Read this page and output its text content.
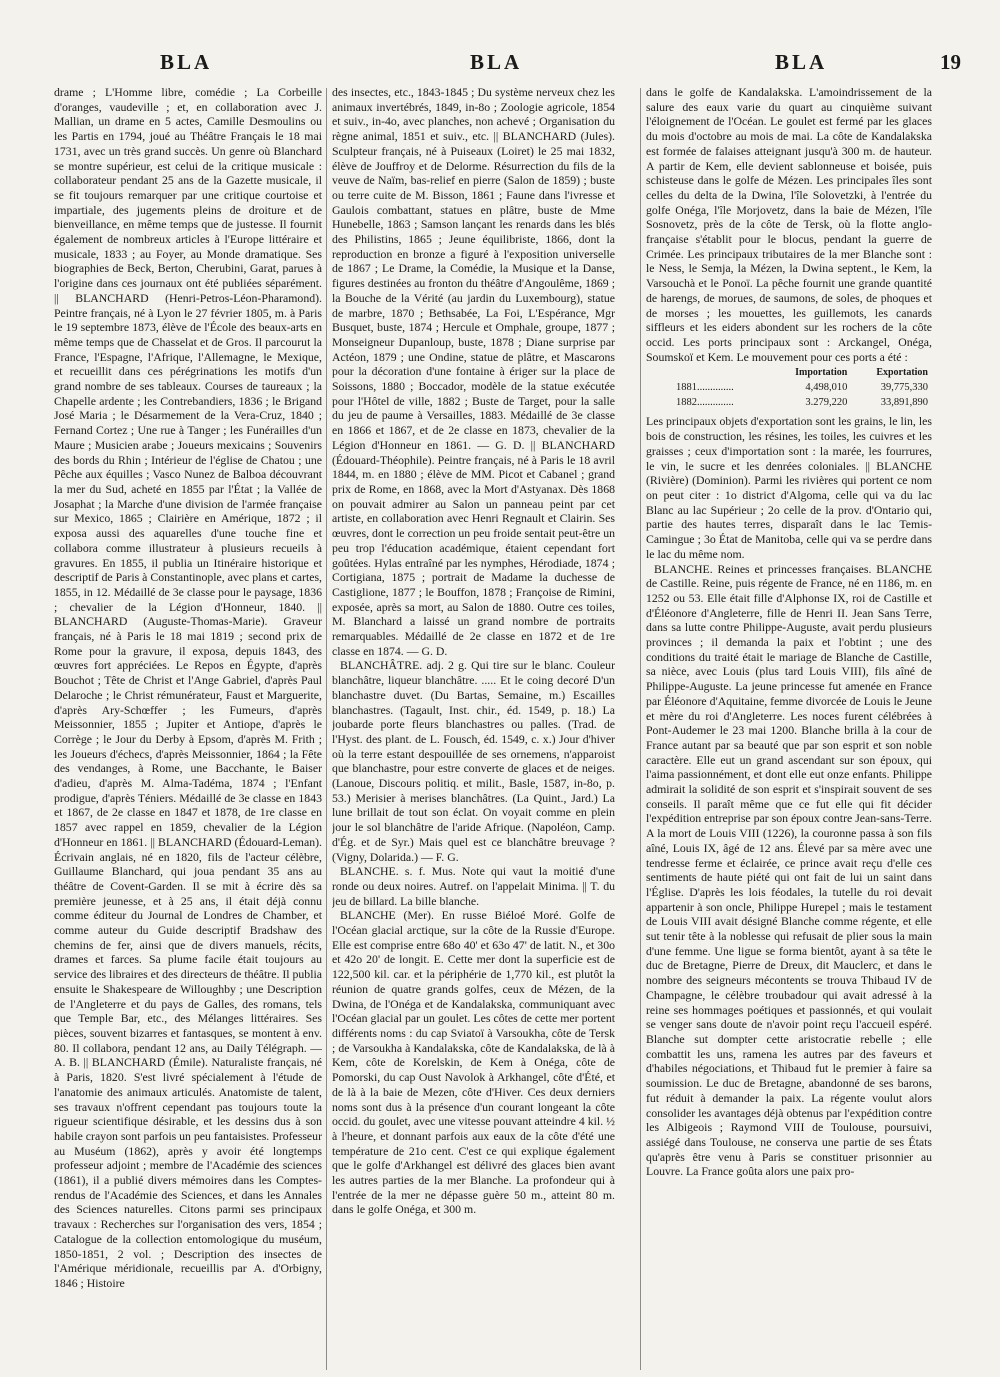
BLA	BLA	BLA	19

drame ; L'Homme libre, comédie ; La Corbeille d'oranges, vaudeville ; et, en collaboration avec J. Mallian, un drame en 5 actes, Camille Desmoulins ou les Partis en 1794, joué au Théâtre Français le 18 mai 1731, avec un très grand succès. Un genre où Blanchard se montre supérieur, est celui de la critique musicale : collaborateur pendant 25 ans de la Gazette musicale, il se fit toujours remarquer par une critique courtoise et impartiale, des jugements pleins de droiture et de bienveillance, en même temps que de justesse. Il fournit également de nombreux articles à l'Europe littéraire et musicale, 1833 ; au Foyer, au Monde dramatique. Ses biographies de Beck, Berton, Cherubini, Garat, parues à l'origine dans ces journaux ont été publiées séparément. || BLANCHARD (Henri-Petros-Léon-Pharamond). Peintre français, né à Lyon le 27 février 1805, m. à Paris le 19 septembre 1873, élève de l'École des beaux-arts en même temps que de Chasselat et de Gros. Il parcourut la France, l'Espagne, l'Afrique, l'Allemagne, le Mexique, et recueillit dans ces pérégrinations les motifs d'un grand nombre de ses tableaux. Courses de taureaux ; la Chapelle ardente ; les Contrebandiers, 1836 ; le Brigand José Maria ; le Désarmement de la Vera-Cruz, 1840 ; Fernand Cortez ; Une rue à Tanger ; les Funérailles d'un Maure ; Musicien arabe ; Joueurs mexicains ; Souvenirs des bords du Rhin ; Intérieur de l'église de Chatou ; une Pêche aux équilles ; Vasco Nunez de Balboa découvrant la mer du Sud, acheté en 1855 par l'État ; la Vallée de Josaphat ; la Marche d'une division de l'armée française sur Mexico, 1865 ; Clairière en Amérique, 1872 ; il exposa aussi des aquarelles d'une touche fine et collabora comme illustrateur à plusieurs recueils à gravures. En 1855, il publia un Itinéraire historique et descriptif de Paris à Constantinople, avec plans et cartes, 1855, in 12. Médaillé de 3e classe pour le paysage, 1836 ; chevalier de la Légion d'Honneur, 1840. || BLANCHARD (Auguste-Thomas-Marie). Graveur français, né à Paris le 18 mai 1819 ; second prix de Rome pour la gravure, il exposa, depuis 1843, des œuvres fort appréciées. Le Repos en Égypte, d'après Bouchot ; Tête de Christ et l'Ange Gabriel, d'après Paul Delaroche ; le Christ rémunérateur, Faust et Marguerite, d'après Ary-Schœffer ; les Fumeurs, d'après Meissonnier, 1855 ; Jupiter et Antiope, d'après le Corrège ; le Jour du Derby à Epsom, d'après M. Frith ; les Joueurs d'échecs, d'après Meissonnier, 1864 ; la Fête des vendanges, à Rome, une Bacchante, le Baiser d'adieu, d'après M. Alma-Tadéma, 1874 ; l'Enfant prodigue, d'après Téniers. Médaillé de 3e classe en 1843 et 1867, de 2e classe en 1847 et 1878, de 1re classe en 1857 avec rappel en 1859, chevalier de la Légion d'Honneur en 1861. || BLANCHARD (Édouard-Leman). Écrivain anglais, né en 1820, fils de l'acteur célèbre, Guillaume Blanchard, qui joua pendant 35 ans au théâtre de Covent-Garden. Il se mit à écrire dès sa première jeunesse, et à 25 ans, il était déjà connu comme éditeur du Journal de Londres de Chamber, et comme auteur du Guide descriptif Bradshaw des chemins de fer, ainsi que de divers manuels, récits, drames et farces. Sa plume facile était toujours au service des libraires et des directeurs de théâtre. Il publia ensuite le Shakespeare de Willoughby ; une Description de l'Angleterre et du pays de Galles, des romans, tels que Temple Bar, etc., des Mélanges littéraires. Ses pièces, souvent bizarres et fantasques, se montent à env. 80. Il collabora, pendant 12 ans, au Daily Télégraph. — A. B. || BLANCHARD (Émile). Naturaliste français, né à Paris, 1820. S'est livré spécialement à l'étude de l'anatomie des animaux articulés. Anatomiste de talent, ses travaux n'offrent cependant pas toujours toute la rigueur scientifique désirable, et les dessins dus à son habile crayon sont parfois un peu fantaisistes. Professeur au Muséum (1862), après y avoir été longtemps professeur adjoint ; membre de l'Académie des sciences (1861), il a publié divers mémoires dans les Comptes-rendus de l'Académie des Sciences, et dans les Annales des Sciences naturelles. Citons parmi ses principaux travaux : Recherches sur l'organisation des vers, 1854 ; Catalogue de la collection entomologique du muséum, 1850-1851, 2 vol. ; Description des insectes de l'Amérique méridionale, recueillis par A. d'Orbigny, 1846 ; Histoire

des insectes, etc., 1843-1845 ; Du système nerveux chez les animaux invertébrés, 1849, in-8o ; Zoologie agricole, 1854 et suiv., in-4o, avec planches, non achevé ; Organisation du règne animal, 1851 et suiv., etc. || BLANCHARD (Jules). Sculpteur français, né à Puiseaux (Loiret) le 25 mai 1832, élève de Jouffroy et de Delorme. Résurrection du fils de la veuve de Naïm, bas-relief en pierre (Salon de 1859) ; buste ou terre cuite de M. Bisson, 1861 ; Faune dans l'ivresse et Gaulois combattant, statues en plâtre, buste de Mme Hunebelle, 1863 ; Samson lançant les renards dans les blés des Philistins, 1865 ; Jeune équilibriste, 1866, dont la reproduction en bronze a figuré à l'exposition universelle de 1867 ; Le Drame, la Comédie, la Musique et la Danse, figures destinées au fronton du théâtre d'Angoulême, 1869 ; la Bouche de la Vérité (au jardin du Luxembourg), statue de marbre, 1870 ; Bethsabée, La Foi, L'Espérance, Mgr Busquet, buste, 1874 ; Hercule et Omphale, groupe, 1877 ; Monseigneur Dupanloup, buste, 1878 ; Diane surprise par Actéon, 1879 ; une Ondine, statue de plâtre, et Mascarons pour la décoration d'une fontaine à ériger sur la place de Soissons, 1880 ; Boccador, modèle de la statue exécutée pour l'Hôtel de ville, 1882 ; Buste de Target, pour la salle du jeu de paume à Versailles, 1883. Médaillé de 3e classe en 1866 et 1867, et de 2e classe en 1873, chevalier de la Légion d'Honneur en 1861. — G. D. || BLANCHARD (Édouard-Théophile). Peintre français, né à Paris le 18 avril 1844, m. en 1880 ; élève de MM. Picot et Cabanel ; grand prix de Rome, en 1868, avec la Mort d'Astyanax. Dès 1868 on pouvait admirer au Salon un panneau peint par cet artiste, en collaboration avec Henri Regnault et Clairin. Ses œuvres, dont le correction un peu froide sentait peut-être un peu trop l'éducation académique, étaient cependant fort goûtées. Hylas entraîné par les nymphes, Hérodiade, 1874 ; Cortigiana, 1875 ; portrait de Madame la duchesse de Castiglione, 1877 ; le Bouffon, 1878 ; Françoise de Rimini, exposée, après sa mort, au Salon de 1880. Outre ces toiles, M. Blanchard a laissé un grand nombre de portraits remarquables. Médaillé de 2e classe en 1872 et de 1re classe en 1874. — G. D.

BLANCHÂTRE. adj. 2 g. Qui tire sur le blanc. Couleur blanchâtre, liqueur blanchâtre. ..... Et le coing decoré D'un blanchastre duvet. (Du Bartas, Semaine, m.) Escailles blanchastres. (Tagault, Inst. chir., éd. 1549, p. 18.) La joubarde porte fleurs blanchastres ou palles. (Trad. de l'Hyst. des plant. de L. Fousch, éd. 1549, c. x.) Jour d'hiver où la terre estant despouillée de ses ornemens, n'apparoist que blanchastre, pour estre converte de glaces et de neiges. (Lanoue, Discours politiq. et milit., Basle, 1587, in-8o, p. 53.) Merisier à merises blanchâtres. (La Quint., Jard.) La lune brillait de tout son éclat. On voyait comme en plein jour le sol blanchâtre de l'aride Afrique. (Napoléon, Camp. d'Ég. et de Syr.) Mais quel est ce blanchâtre breuvage ? (Vigny, Dolarida.) — F. G.

BLANCHE. s. f. Mus. Note qui vaut la moitié d'une ronde ou deux noires. Autref. on l'appelait Minima. || T. du jeu de billard. La bille blanche.

BLANCHE (Mer). En russe Biéloé Moré. Golfe de l'Océan glacial arctique, sur la côte de la Russie d'Europe. Elle est comprise entre 68o 40' et 63o 47' de latit. N., et 30o et 42o 20' de longit. E. Cette mer dont la superficie est de 122,500 kil. car. et la périphérie de 1,770 kil., est plutôt la réunion de quatre grands golfes, ceux de Mézen, de la Dwina, de l'Onéga et de Kandalakska, communiquant avec l'Océan glacial par un goulet. Les côtes de cette mer portent différents noms : du cap Sviatoï à Varsoukha, côte de Tersk ; de Varsoukha à Kandalakska, côte de Kandalakska, de là à Kem, côte de Korelskin, de Kem à Onéga, côte de Pomorski, du cap Oust Navolok à Arkhangel, côte d'Été, et de là à la baie de Mezen, côte d'Hiver. Ces deux derniers noms sont dus à la présence d'un courant longeant la côte occid. du goulet, avec une vitesse pouvant atteindre 4 kil. ½ à l'heure, et donnant parfois aux eaux de la côte d'été une température de 21o cent. C'est ce qui explique également que le golfe d'Arkhangel est délivré des glaces bien avant les autres parties de la mer Blanche. La profondeur qui à l'entrée de la mer ne dépasse guère 50 m., atteint 80 m. dans le golfe Onéga, et 300 m.

dans le golfe de Kandalakska. L'amoindrissement de la salure des eaux varie du quart au cinquième suivant l'éloignement de l'Océan. Le goulet est fermé par les glaces du mois d'octobre au mois de mai. La côte de Kandalakska est formée de falaises atteignant jusqu'à 300 m. de hauteur. A partir de Kem, elle devient sablonneuse et boisée, puis schisteuse dans le golfe de Mézen. Les principales îles sont celles du delta de la Dwina, l'île Solovetzki, à l'entrée du golfe Onéga, l'île Morjovetz, dans la baie de Mézen, l'île Sosnovetz, près de la côte de Tersk, où la flotte anglo-française s'établit pour le blocus, pendant la guerre de Crimée. Les principaux tributaires de la mer Blanche sont : le Ness, le Semja, la Mézen, la Dwina septent., le Kem, la Varsouchà et le Ponoï. La pêche fournit une grande quantité de harengs, de morues, de saumons, de soles, de phoques et de morses ; les mouettes, les guillemots, les canards siffleurs et les eiders abondent sur les rochers de la côte occid. Les ports principaux sont : Arckangel, Onéga, Soumskoï et Kem. Le mouvement pour ces ports a été :

	Importation	Exportation
1881..............	4,498,010	39,775,330
1882..............	3.279,220	33,891,890

Les principaux objets d'exportation sont les grains, le lin, les bois de construction, les résines, les toiles, les cuivres et les graisses ; ceux d'importation sont : la marée, les fourrures, le vin, le sucre et les denrées coloniales. || BLANCHE (Rivière) (Dominion). Parmi les rivières qui portent ce nom on peut citer : 1o district d'Algoma, celle qui va du lac Blanc au lac Supérieur ; 2o celle de la prov. d'Ontario qui, partie des hautes terres, disparaît dans le lac Temis-Camingue ; 3o État de Manitoba, celle qui va se perdre dans le lac du même nom.

BLANCHE. Reines et princesses françaises. BLANCHE de Castille. Reine, puis régente de France, né en 1186, m. en 1252 ou 53. Elle était fille d'Alphonse IX, roi de Castille et d'Éléonore d'Angleterre, fille de Henri II. Jean Sans Terre, dans sa lutte contre Philippe-Auguste, avait perdu plusieurs provinces ; il demanda la paix et l'obtint ; une des conditions du traité était le mariage de Blanche de Castille, sa nièce, avec Louis (plus tard Louis VIII), fils aîné de Philippe-Auguste. La jeune princesse fut amenée en France par Éléonore d'Aquitaine, femme divorcée de Louis le Jeune et mère du roi d'Angleterre. Les noces furent célébrées à Pont-Audemer le 23 mai 1200. Blanche brilla à la cour de France autant par sa beauté que par son esprit et son noble caractère. Elle eut un grand ascendant sur son époux, qui l'aima passionnément, et dont elle eut onze enfants. Philippe admirait la solidité de son esprit et s'inspirait souvent de ses conseils. Il paraît même que ce fut elle qui fit décider l'expédition entreprise par son époux contre Jean-sans-Terre. A la mort de Louis VIII (1226), la couronne passa à son fils aîné, Louis IX, âgé de 12 ans. Élevé par sa mère avec une tendresse ferme et éclairée, ce prince avait reçu d'elle ces sentiments de haute piété qui ont fait de lui un saint dans l'Église. D'après les lois féodales, la tutelle du roi devait appartenir à son oncle, Philippe Hurepel ; mais le testament de Louis VIII avait désigné Blanche comme régente, et elle sut tenir tête à la noblesse qui refusait de plier sous la main d'une femme. Une ligue se forma bientôt, ayant à sa tête le duc de Bretagne, Pierre de Dreux, dit Mauclerc, et dans le nombre des seigneurs mécontents se trouva Thibaud IV de Champagne, le célèbre troubadour qui avait adressé à la reine ses hommages poétiques et passionnés, et qui voulait se venger sans doute de n'avoir point reçu l'accueil espéré. Blanche sut dompter cette aristocratie rebelle ; elle combattit les uns, ramena les autres par des faveurs et d'habiles négociations, et Thibaud fut le premier à faire sa soumission. Le duc de Bretagne, abandonné de ses barons, fut réduit à demander la paix. La régente voulut alors consolider les avantages déjà obtenus par l'expédition contre les Albigeois ; Raymond VIII de Toulouse, poursuivi, assiégé dans Toulouse, ne conserva une partie de ses États qu'après être venu à Paris se constituer prisonnier au Louvre. La France goûta alors une paix pro-
